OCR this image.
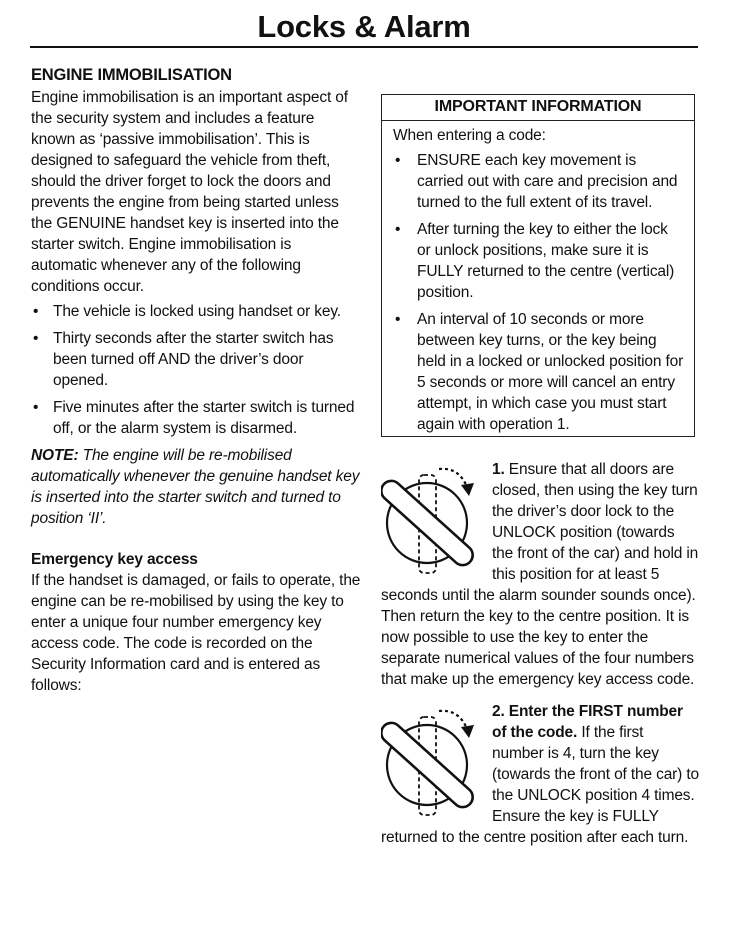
Locks & Alarm
ENGINE IMMOBILISATION

Engine immobilisation is an important aspect of the security system and includes a feature known as ‘passive immobilisation’. This is designed to safeguard the vehicle from theft, should the driver forget to lock the doors and prevents the engine from being started unless the GENUINE handset key is inserted into the starter switch. Engine immobilisation is automatic whenever any of the following conditions occur.

• The vehicle is locked using handset or key.
• Thirty seconds after the starter switch has been turned off AND the driver’s door opened.
• Five minutes after the starter switch is turned off, or the alarm system is disarmed.

NOTE: The engine will be re-mobilised automatically whenever the genuine handset key is inserted into the starter switch and turned to position ‘II’.

Emergency key access

If the handset is damaged, or fails to operate, the engine can be re-mobilised by using the key to enter a unique four number emergency key access code. The code is recorded on the Security Information card and is entered as follows:

IMPORTANT INFORMATION

When entering a code:

• ENSURE each key movement is carried out with care and precision and turned to the full extent of its travel.
• After turning the key to either the lock or unlock positions, make sure it is FULLY returned to the centre (vertical) position.
• An interval of 10 seconds or more between key turns, or the key being held in a locked or unlocked position for 5 seconds or more will cancel an entry attempt, in which case you must start again with operation 1.

1. Ensure that all doors are closed, then using the key turn the driver’s door lock to the UNLOCK position (towards the front of the car) and hold in this position for at least 5 seconds until the alarm sounder sounds once). Then return the key to the centre position. It is now possible to use the key to enter the separate numerical values of the four numbers that make up the emergency key access code.

2. Enter the FIRST number of the code. If the first number is 4, turn the key (towards the front of the car) to the UNLOCK position 4 times. Ensure the key is FULLY returned to the centre position after each turn.
